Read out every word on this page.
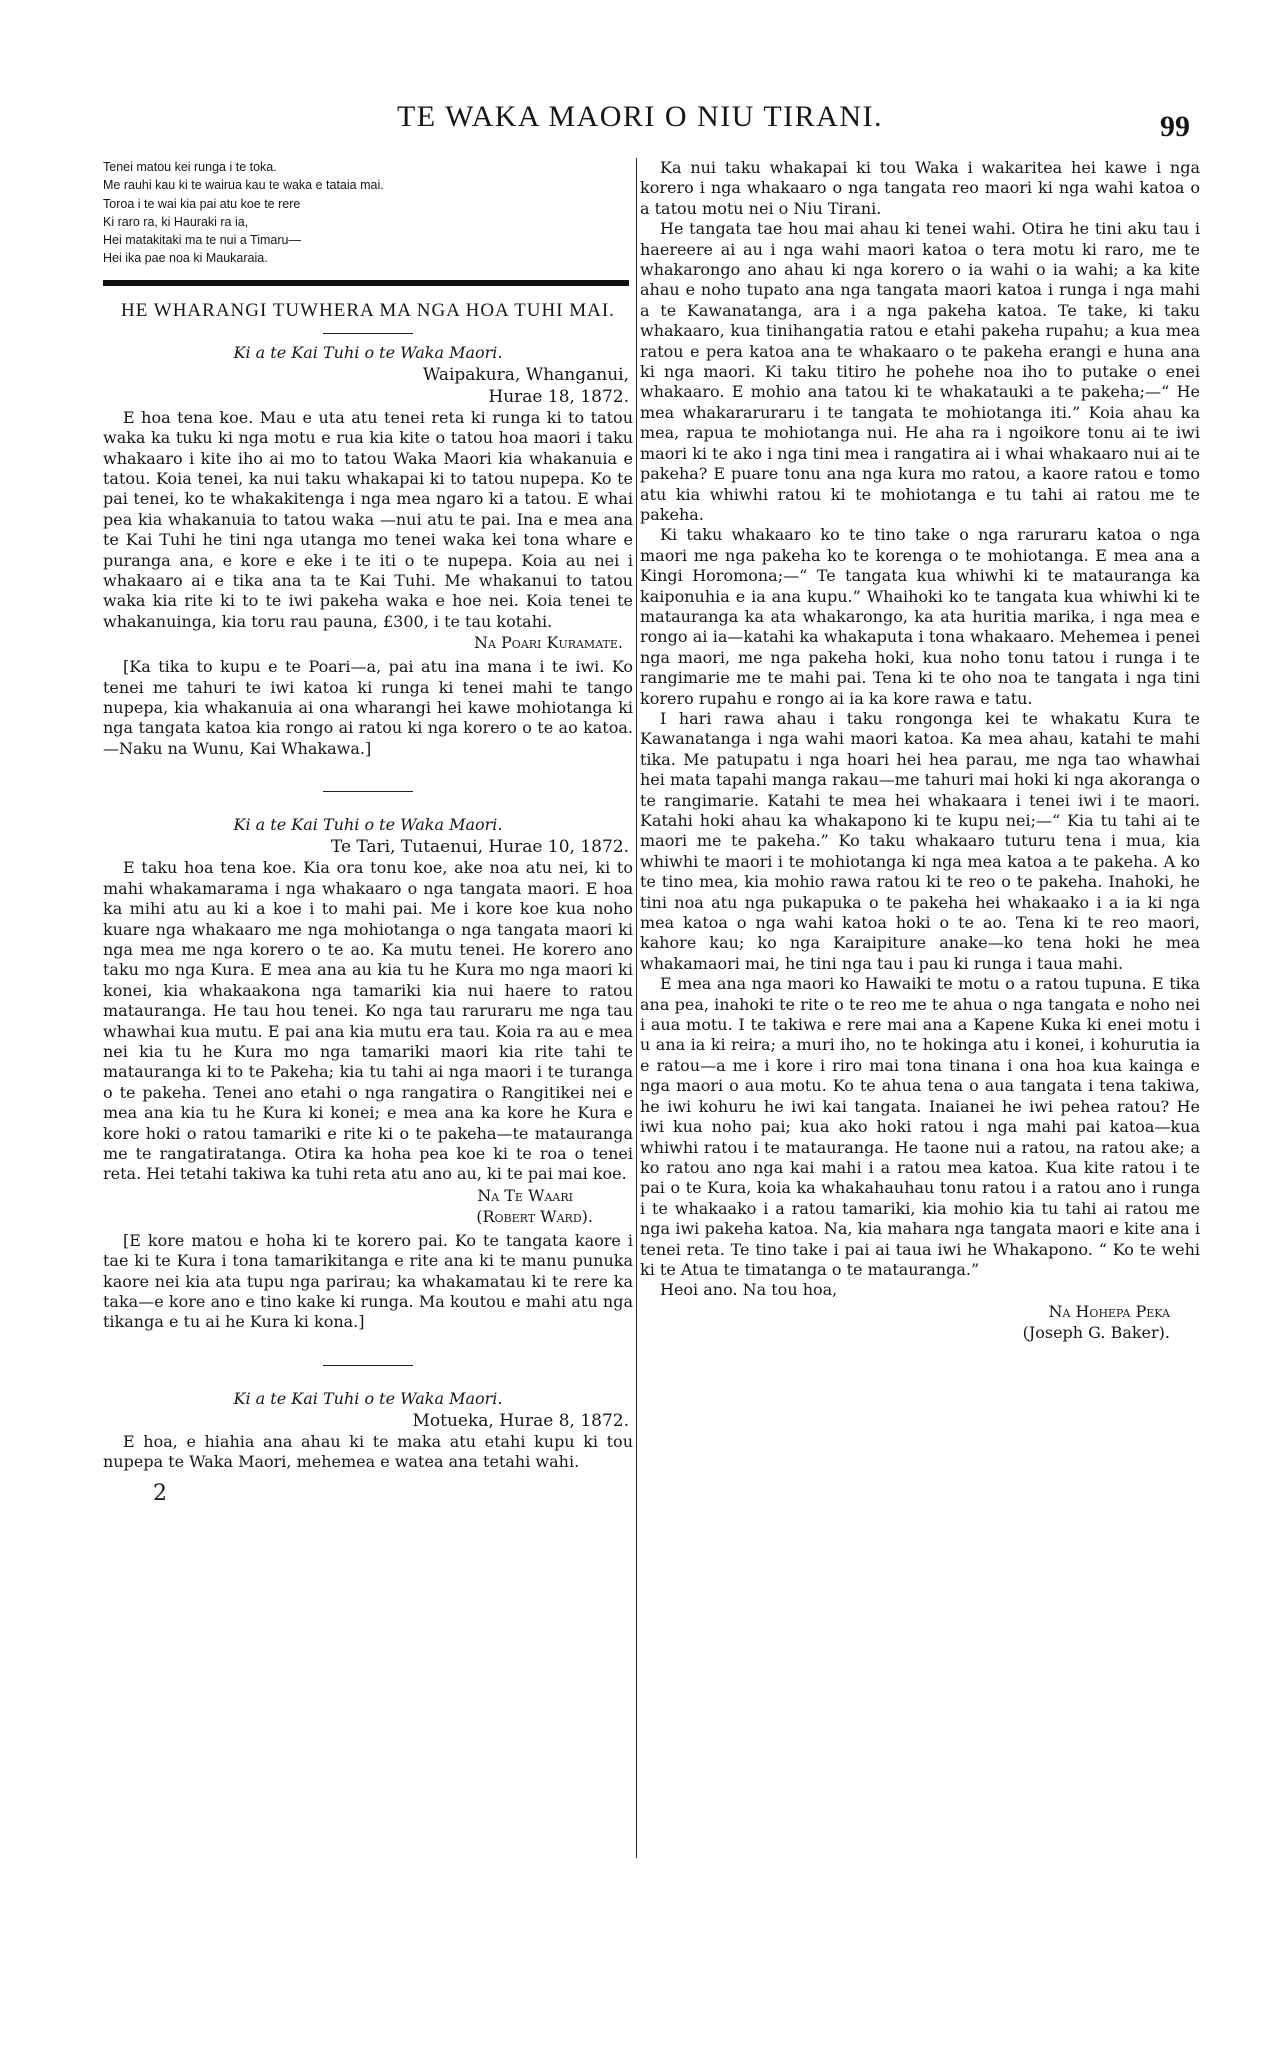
TE WAKA MAORI O NIU TIRANI.	99
Tenei matou kei runga i te toka.
Me rauhi kau ki te wairua kau te waka e tataia mai.
Toroa i te wai kia pai atu koe te rere
Ki raro ra, ki Hauraki ra ia,
Hei matakitaki ma te nui a Timaru—
Hei ika pae noa ki Maukaraia.
HE WHARANGI TUWHERA MA NGA HOA TUHI MAI.
Ki a te Kai Tuhi o te Waka Maori.
Waipakura, Whanganui,
Hurae 18, 1872.

E hoa tena koe. Mau e uta atu tenei reta ki runga ki to tatou waka ka tuku ki nga motu e rua kia kite o tatou hoa maori i taku whakaaro i kite iho ai mo to tatou Waka Maori kia whakanuia e tatou. Koia tenei, ka nui taku whakapai ki to tatou nupepa. Ko te pai tenei, ko te whakakitenga i nga mea ngaro ki a tatou. E whai pea kia whakanuia to tatou waka —nui atu te pai. Ina e mea ana te Kai Tuhi he tini nga utanga mo tenei waka kei tona whare e puranga ana, e kore e eke i te iti o te nupepa. Koia au nei i whakaaro ai e tika ana ta te Kai Tuhi. Me whakanui to tatou waka kia rite ki to te iwi pakeha waka e hoe nei. Koia tenei te whakanuinga, kia toru rau pauna, £300, i te tau kotahi.

Na Poari Kuramate.

[Ka tika to kupu e te Poari—a, pai atu ina mana i te iwi. Ko tenei me tahuri te iwi katoa ki runga ki tenei mahi te tango nupepa, kia whakanuia ai ona wharangi hei kawe mohiotanga ki nga tangata katoa kia rongo ai ratou ki nga korero o te ao katoa.—Naku na Wunu, Kai Whakawa.]

Ki a te Kai Tuhi o te Waka Maori.
Te Tari, Tutaenui, Hurae 10, 1872.

E taku hoa tena koe. Kia ora tonu koe, ake noa atu nei, ki to mahi whakamarama i nga whakaaro o nga tangata maori. E hoa ka mihi atu au ki a koe i to mahi pai. Me i kore koe kua noho kuare nga whakaaro me nga mohiotanga o nga tangata maori ki nga mea me nga korero o te ao. Ka mutu tenei. He korero ano taku mo nga Kura. E mea ana au kia tu he Kura mo nga maori ki konei, kia whakaakona nga tamariki kia nui haere to ratou matauranga. He tau hou tenei. Ko nga tau raruraru me nga tau whawhai kua mutu. E pai ana kia mutu era tau. Koia ra au e mea nei kia tu he Kura mo nga tamariki maori kia rite tahi te matauranga ki to te Pakeha; kia tu tahi ai nga maori i te turanga o te pakeha. Tenei ano etahi o nga rangatira o Rangitikei nei e mea ana kia tu he Kura ki konei; e mea ana ka kore he Kura e kore hoki o ratou tamariki e rite ki o te pakeha—te matauranga me te rangatiratanga. Otira ka hoha pea koe ki te roa o tenei reta. Hei tetahi takiwa ka tuhi reta atu ano au, ki te pai mai koe.

Na Te Waari
(Robert Ward).

[E kore matou e hoha ki te korero pai. Ko te tangata kaore i tae ki te Kura i tona tamarikitanga e rite ana ki te manu punuka kaore nei kia ata tupu nga parirau; ka whakamatau ki te rere ka taka—e kore ano e tino kake ki runga. Ma koutou e mahi atu nga tikanga e tu ai he Kura ki kona.]

Ki a te Kai Tuhi o te Waka Maori.
Motueka, Hurae 8, 1872.

E hoa, e hiahia ana ahau ki te maka atu etahi kupu ki tou nupepa te Waka Maori, mehemea e watea ana tetahi wahi.

2

Ka nui taku whakapai ki tou Waka i wakaritea hei kawe i nga korero i nga whakaaro o nga tangata reo maori ki nga wahi katoa o a tatou motu nei o Niu Tirani.

He tangata tae hou mai ahau ki tenei wahi. Otira he tini aku tau i haereere ai au i nga wahi maori katoa o tera motu ki raro, me te whakarongo ano ahau ki nga korero o ia wahi o ia wahi; a ka kite ahau e noho tupato ana nga tangata maori katoa i runga i nga mahi a te Kawanatanga, ara i a nga pakeha katoa. Te take, ki taku whakaaro, kua tinihangatia ratou e etahi pakeha rupahu; a kua mea ratou e pera katoa ana te whakaaro o te pakeha erangi e huna ana ki nga maori. Ki taku titiro he pohehe noa iho to putake o enei whakaaro. E mohio ana tatou ki te whakatauki a te pakeha;—“ He mea whakararuraru i te tangata te mohiotanga iti.” Koia ahau ka mea, rapua te mohiotanga nui. He aha ra i ngoikore tonu ai te iwi maori ki te ako i nga tini mea i rangatira ai i whai whakaaro nui ai te pakeha? E puare tonu ana nga kura mo ratou, a kaore ratou e tomo atu kia whiwhi ratou ki te mohiotanga e tu tahi ai ratou me te pakeha.

Ki taku whakaaro ko te tino take o nga raruraru katoa o nga maori me nga pakeha ko te korenga o te mohiotanga. E mea ana a Kingi Horomona;—“ Te tangata kua whiwhi ki te matauranga ka kaiponuhia e ia ana kupu.” Whaihoki ko te tangata kua whiwhi ki te matauranga ka ata whakarongo, ka ata huritia marika, i nga mea e rongo ai ia—katahi ka whakaputa i tona whakaaro. Mehemea i penei nga maori, me nga pakeha hoki, kua noho tonu tatou i runga i te rangimarie me te mahi pai. Tena ki te oho noa te tangata i nga tini korero rupahu e rongo ai ia ka kore rawa e tatu.

I hari rawa ahau i taku rongonga kei te whakatu Kura te Kawanatanga i nga wahi maori katoa. Ka mea ahau, katahi te mahi tika. Me patupatu i nga hoari hei hea parau, me nga tao whawhai hei mata tapahi manga rakau—me tahuri mai hoki ki nga akoranga o te rangimarie. Katahi te mea hei whakaara i tenei iwi i te maori. Katahi hoki ahau ka whakapono ki te kupu nei;—“ Kia tu tahi ai te maori me te pakeha.” Ko taku whakaaro tuturu tena i mua, kia whiwhi te maori i te mohiotanga ki nga mea katoa a te pakeha. A ko te tino mea, kia mohio rawa ratou ki te reo o te pakeha. Inahoki, he tini noa atu nga pukapuka o te pakeha hei whakaako i a ia ki nga mea katoa o nga wahi katoa hoki o te ao. Tena ki te reo maori, kahore kau; ko nga Karaipiture anake—ko tena hoki he mea whakamaori mai, he tini nga tau i pau ki runga i taua mahi.

E mea ana nga maori ko Hawaiki te motu o a ratou tupuna. E tika ana pea, inahoki te rite o te reo me te ahua o nga tangata e noho nei i aua motu. I te takiwa e rere mai ana a Kapene Kuka ki enei motu i u ana ia ki reira; a muri iho, no te hokinga atu i konei, i kohurutia ia e ratou—a me i kore i riro mai tona tinana i ona hoa kua kainga e nga maori o aua motu. Ko te ahua tena o aua tangata i tena takiwa, he iwi kohuru he iwi kai tangata. Inaianei he iwi pehea ratou? He iwi kua noho pai; kua ako hoki ratou i nga mahi pai katoa—kua whiwhi ratou i te matauranga. He taone nui a ratou, na ratou ake; a ko ratou ano nga kai mahi i a ratou mea katoa. Kua kite ratou i te pai o te Kura, koia ka whakahauhau tonu ratou i a ratou ano i runga i te whakaako i a ratou tamariki, kia mohio kia tu tahi ai ratou me nga iwi pakeha katoa. Na, kia mahara nga tangata maori e kite ana i tenei reta. Te tino take i pai ai taua iwi he Whakapono. “ Ko te wehi ki te Atua te timatanga o te matauranga.”

Heoi ano. Na tou hoa,

Na Hohepa Peka
(Joseph G. Baker).
